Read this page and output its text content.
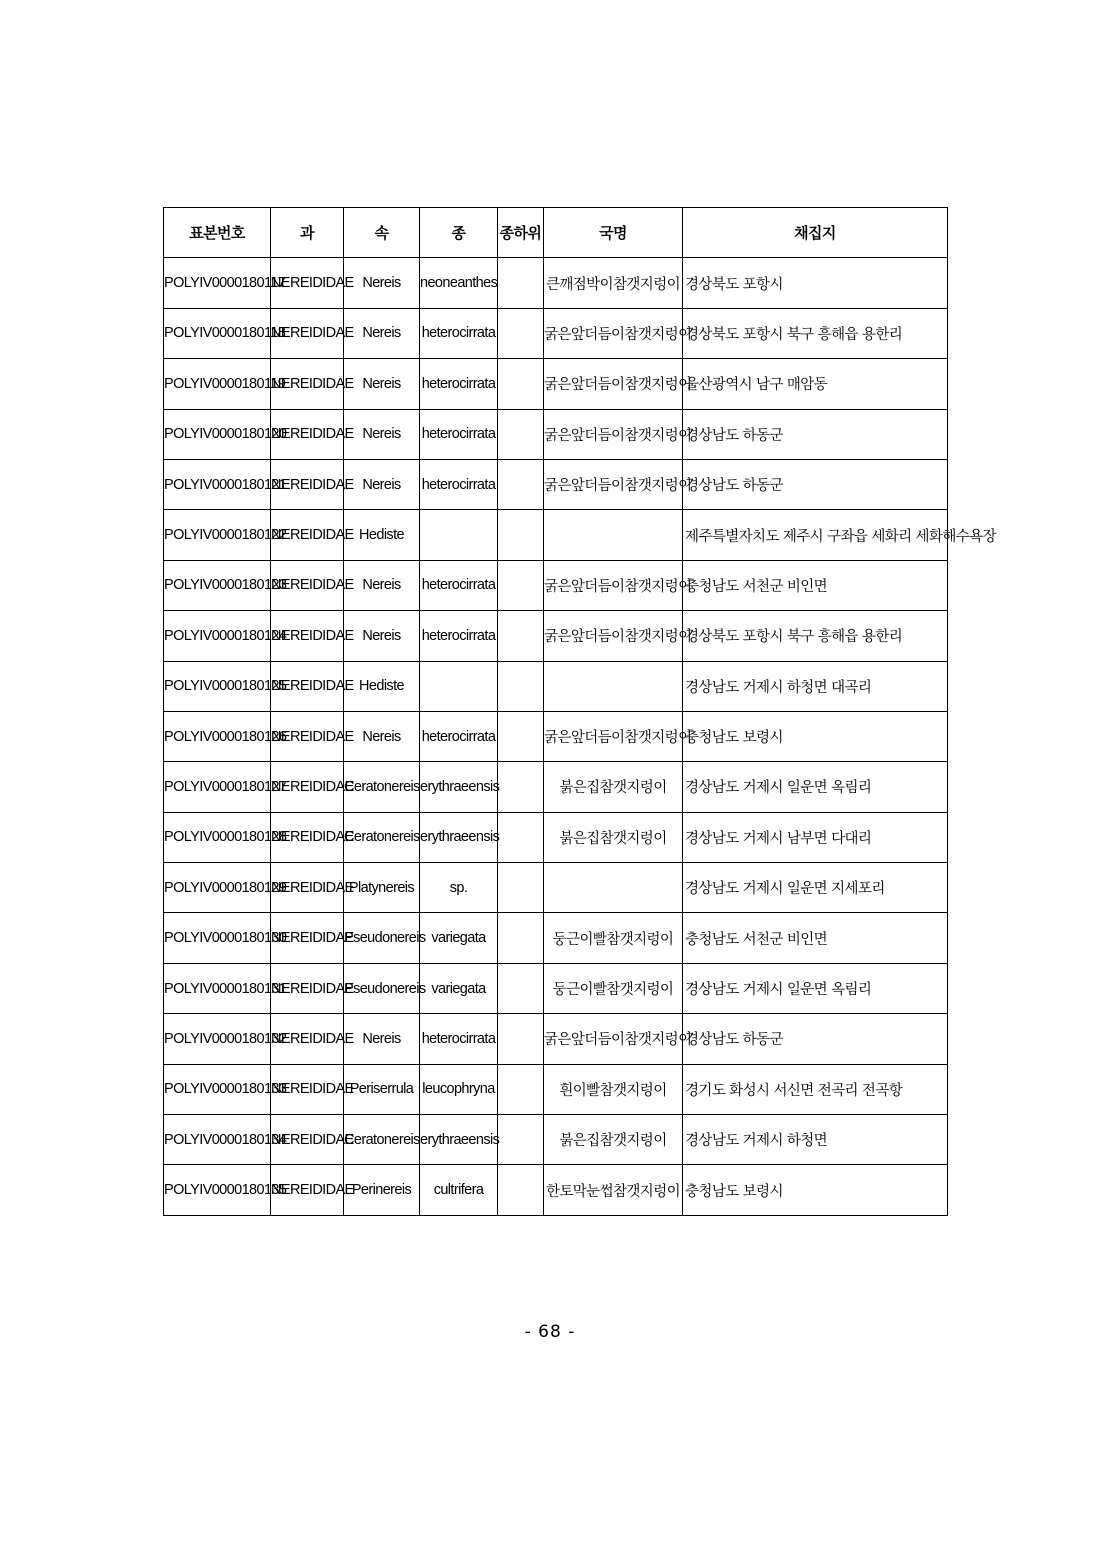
표본번호	과	속	종	종하위	국명	채집지
POLYIV0000180117	NEREIDIDAE	Nereis	neoneanthes		큰깨점박이참갯지렁이	경상북도 포항시
POLYIV0000180118	NEREIDIDAE	Nereis	heterocirrata		굵은앞더듬이참갯지렁이	경상북도 포항시 북구 흥해읍 용한리
POLYIV0000180119	NEREIDIDAE	Nereis	heterocirrata		굵은앞더듬이참갯지렁이	울산광역시 남구 매암동
POLYIV0000180120	NEREIDIDAE	Nereis	heterocirrata		굵은앞더듬이참갯지렁이	경상남도 하동군
POLYIV0000180121	NEREIDIDAE	Nereis	heterocirrata		굵은앞더듬이참갯지렁이	경상남도 하동군
POLYIV0000180122	NEREIDIDAE	Hediste				제주특별자치도 제주시 구좌읍 세화리 세화해수욕장
POLYIV0000180123	NEREIDIDAE	Nereis	heterocirrata		굵은앞더듬이참갯지렁이	충청남도 서천군 비인면
POLYIV0000180124	NEREIDIDAE	Nereis	heterocirrata		굵은앞더듬이참갯지렁이	경상북도 포항시 북구 흥해읍 용한리
POLYIV0000180125	NEREIDIDAE	Hediste				경상남도 거제시 하청면 대곡리
POLYIV0000180126	NEREIDIDAE	Nereis	heterocirrata		굵은앞더듬이참갯지렁이	충청남도 보령시
POLYIV0000180127	NEREIDIDAE	Ceratonereis	erythraeensis		붉은집참갯지렁이	경상남도 거제시 일운면 옥림리
POLYIV0000180128	NEREIDIDAE	Ceratonereis	erythraeensis		붉은집참갯지렁이	경상남도 거제시 남부면 다대리
POLYIV0000180129	NEREIDIDAE	Platynereis	sp.			경상남도 거제시 일운면 지세포리
POLYIV0000180130	NEREIDIDAE	Pseudonereis	variegata		둥근이빨참갯지렁이	충청남도 서천군 비인면
POLYIV0000180131	NEREIDIDAE	Pseudonereis	variegata		둥근이빨참갯지렁이	경상남도 거제시 일운면 옥림리
POLYIV0000180132	NEREIDIDAE	Nereis	heterocirrata		굵은앞더듬이참갯지렁이	경상남도 하동군
POLYIV0000180133	NEREIDIDAE	Periserrula	leucophryna		흰이빨참갯지렁이	경기도 화성시 서신면 전곡리 전곡항
POLYIV0000180134	NEREIDIDAE	Ceratonereis	erythraeensis		붉은집참갯지렁이	경상남도 거제시 하청면
POLYIV0000180135	NEREIDIDAE	Perinereis	cultrifera		한토막눈썹참갯지렁이	충청남도 보령시
- 68 -
